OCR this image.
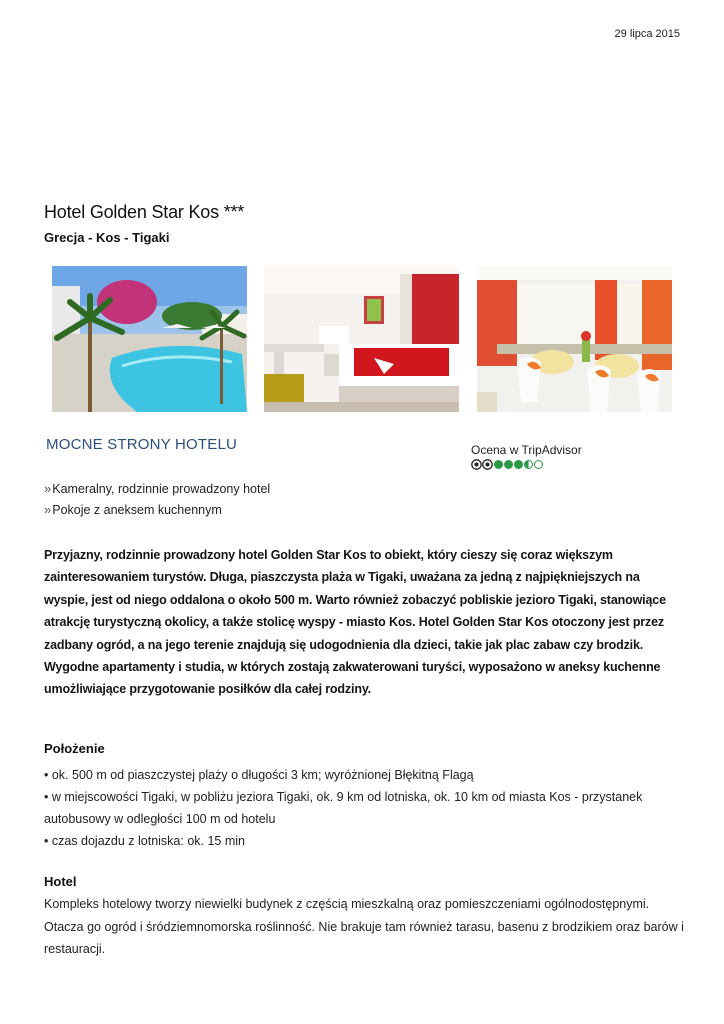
29 lipca 2015
Hotel Golden Star Kos ***
Grecja - Kos - Tigaki
MOCNE STRONY HOTELU	Ocena w TripAdvisor
»Kameralny, rodzinnie prowadzony hotel
»Pokoje z aneksem kuchennym

Przyjazny, rodzinnie prowadzony hotel Golden Star Kos to obiekt, który cieszy się coraz większym zainteresowaniem turystów. Długa, piaszczysta plaża w Tigaki, uważana za jedną z najpiękniejszych na wyspie, jest od niego oddalona o około 500 m. Warto również zobaczyć pobliskie jezioro Tigaki, stanowiące atrakcję turystyczną okolicy, a także stolicę wyspy - miasto Kos. Hotel Golden Star Kos otoczony jest przez zadbany ogród, a na jego terenie znajdują się udogodnienia dla dzieci, takie jak plac zabaw czy brodzik. Wygodne apartamenty i studia, w których zostają zakwaterowani turyści, wyposażono w aneksy kuchenne umożliwiające przygotowanie posiłków dla całej rodziny.

Położenie
• ok. 500 m od piaszczystej plaży o długości 3 km; wyróżnionej Błękitną Flagą
• w miejscowości Tigaki, w pobliżu jeziora Tigaki, ok. 9 km od lotniska, ok. 10 km od miasta Kos - przystanek autobusowy w odległości 100 m od hotelu
• czas dojazdu z lotniska: ok. 15 min
Hotel

Kompleks hotelowy tworzy niewielki budynek z częścią mieszkalną oraz pomieszczeniami ogólnodostępnymi. Otacza go ogród i śródziemnomorska roślinność. Nie brakuje tam również tarasu, basenu z brodzikiem oraz barów i restauracji.
